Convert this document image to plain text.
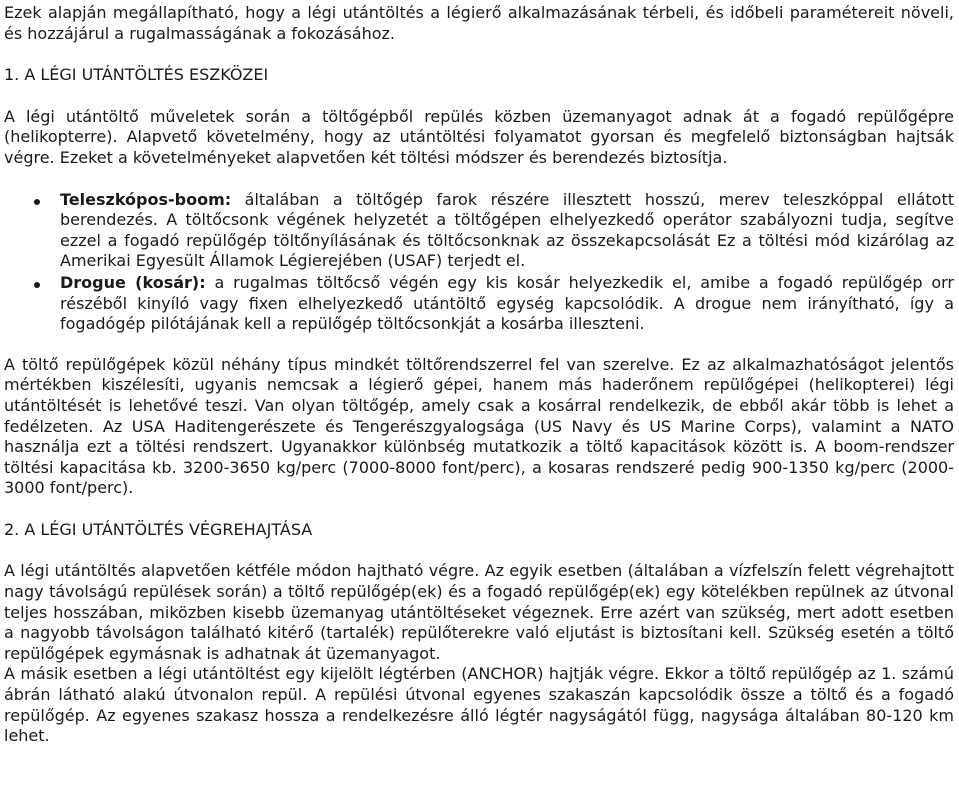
Ezek alapján megállapítható, hogy a légi utántöltés a légierő alkalmazásának térbeli, és időbeli paramétereit növeli, és hozzájárul a rugalmasságának a fokozásához.

1. A LÉGI UTÁNTÖLTÉS ESZKÖZEI

A légi utántöltő műveletek során a töltőgépből repülés közben üzemanyagot adnak át a fogadó repülőgépre (helikopterre). Alapvető követelmény, hogy az utántöltési folyamatot gyorsan és megfelelő biztonságban hajtsák végre. Ezeket a követelményeket alapvetően két töltési módszer és berendezés biztosítja.

Teleszkópos-boom: általában a töltőgép farok részére illesztett hosszú, merev teleszkóppal ellátott berendezés. A töltőcsonk végének helyzetét a töltőgépen elhelyezkedő operátor szabályozni tudja, segítve ezzel a fogadó repülőgép töltőnyílásának és töltőcsonknak az összekapcsolását Ez a töltési mód kizárólag az Amerikai Egyesült Államok Légierejében (USAF) terjedt el.
Drogue (kosár): a rugalmas töltőcső végén egy kis kosár helyezkedik el, amibe a fogadó repülőgép orr részéből kinyíló vagy fixen elhelyezkedő utántöltő egység kapcsolódik. A drogue nem irányítható, így a fogadógép pilótájának kell a repülőgép töltőcsonkját a kosárba illeszteni.

A töltő repülőgépek közül néhány típus mindkét töltőrendszerrel fel van szerelve. Ez az alkalmazhatóságot jelentős mértékben kiszélesíti, ugyanis nemcsak a légierő gépei, hanem más haderőnem repülőgépei (helikopterei) légi utántöltését is lehetővé teszi. Van olyan töltőgép, amely csak a kosárral rendelkezik, de ebből akár több is lehet a fedélzeten. Az USA Haditengerészete és Tengerészgyalogsága (US Navy és US Marine Corps), valamint a NATO használja ezt a töltési rendszert. Ugyanakkor különbség mutatkozik a töltő kapacitások között is. A boom-rendszer töltési kapacitása kb. 3200-3650 kg/perc (7000-8000 font/perc), a kosaras rendszeré pedig 900-1350 kg/perc (2000-3000 font/perc).

2. A LÉGI UTÁNTÖLTÉS VÉGREHAJTÁSA

A légi utántöltés alapvetően kétféle módon hajtható végre. Az egyik esetben (általában a vízfelszín felett végrehajtott nagy távolságú repülések során) a töltő repülőgép(ek) és a fogadó repülőgép(ek) egy kötelékben repülnek az útvonal teljes hosszában, miközben kisebb üzemanyag utántöltéseket végeznek. Erre azért van szükség, mert adott esetben a nagyobb távolságon található kitérő (tartalék) repülőterekre való eljutást is biztosítani kell. Szükség esetén a töltő repülőgépek egymásnak is adhatnak át üzemanyagot.

A másik esetben a légi utántöltést egy kijelölt légtérben (ANCHOR) hajtják végre. Ekkor a töltő repülőgép az 1. számú ábrán látható alakú útvonalon repül. A repülési útvonal egyenes szakaszán kapcsolódik össze a töltő és a fogadó repülőgép. Az egyenes szakasz hossza a rendelkezésre álló légtér nagyságától függ, nagysága általában 80-120 km lehet.
